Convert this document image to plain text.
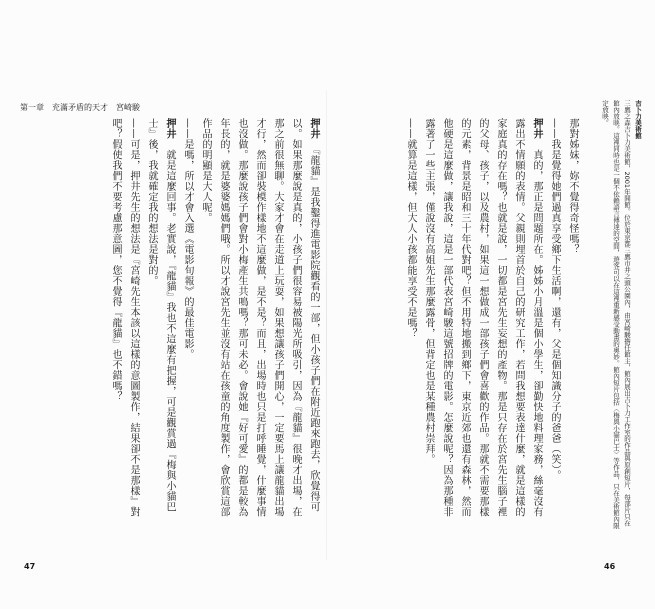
第一章　充滿矛盾的天才　宮崎駿

押井　『龍貓』是我鑿得進電影院觀看的一部，但小孩子們在附近跑來跑去，欣覺得可以。如果那麼說是真的，小孩子們很容易被陽光所吸引，因為『龍貓』很晚才出場，在那之前很無聊。大家才會在走道上玩耍，如果想讓孩子們開心，一定要馬上讓龍貓出場才行，然而卻裝模作樣地不這麼做，是不是？而且，出場時也只是打呼睡覺，什麼事情也沒做。那麼說孩子們會對小梅產生共鳴嗎？那可未必。會說她『好可愛』的都是較為年長的，就是婆婆媽媽們哦。所以才說宮先生並沒有站在孩童的角度製作，會欣賞這部作品的明顯是大人呢。

——是嗎，所以才會入選《電影旬報》的最佳電影。

押井　就是這麼回事。老實說，『龍貓』我也不這麼有把握，可是觀賞過『梅與小貓巴士』後，我就確定我的想法是對的。

——可是，押井先生的想法是『宮崎先生本該以這樣的意圖製作，結果卻不是那樣』對吧？假使我們不要考慮那意圖，您不覺得『龍貓』也不錯嗎？	那對姊妹，妳不覺得奇怪嗎？

——我是覺得她們過真享受鄉下生活啊，還有，父是個知識分子的爸爸（笑）。

押井　真的，那正是問題所在。姊姊小月溫是個小學生，卻勤快地料理家務，絲毫沒有露出不情願的表情。父親則埋首於自己的研究工作，若問我想要表達什麼，就是這樣的家庭真的存在嗎？也就是說，一切都是宮先生妄想的產物。那是只存在於宮先生腦子裡的父母、孩子，以及農村，如果這一想做成一部孩子們會喜歡的作品。那就不需要那樣的元素，背景是昭和三十年代對吧？但不用特地搬到鄉下，東京近郊也還有森林，然而他硬是這麼做，讓我說，這是一部代表宮崎駿這號招牌的電影。怎麼說呢？因為那種非露著了一些主張，僅說沒有高姐先生那麼露骨，但背定也是某種農村崇拜。

——就算是這樣，但大人小孩都能享受不是嗎？	吉卜力美術館
三鷹之森吉卜力美術館，2001年開館。位於東京都三鷹市井之頭公園內，由宮崎駿擔任館主，館內展出吉卜力工作室的作品與原創短片，每部片只在館內放映。這裡同時也是一個不依賴語言傳達的空間，遊客可以在這裡重新感受動畫的奧妙。館內短片包括〈梅與小貓巴士〉等作品，只在美術館內限定放映。
47	46
